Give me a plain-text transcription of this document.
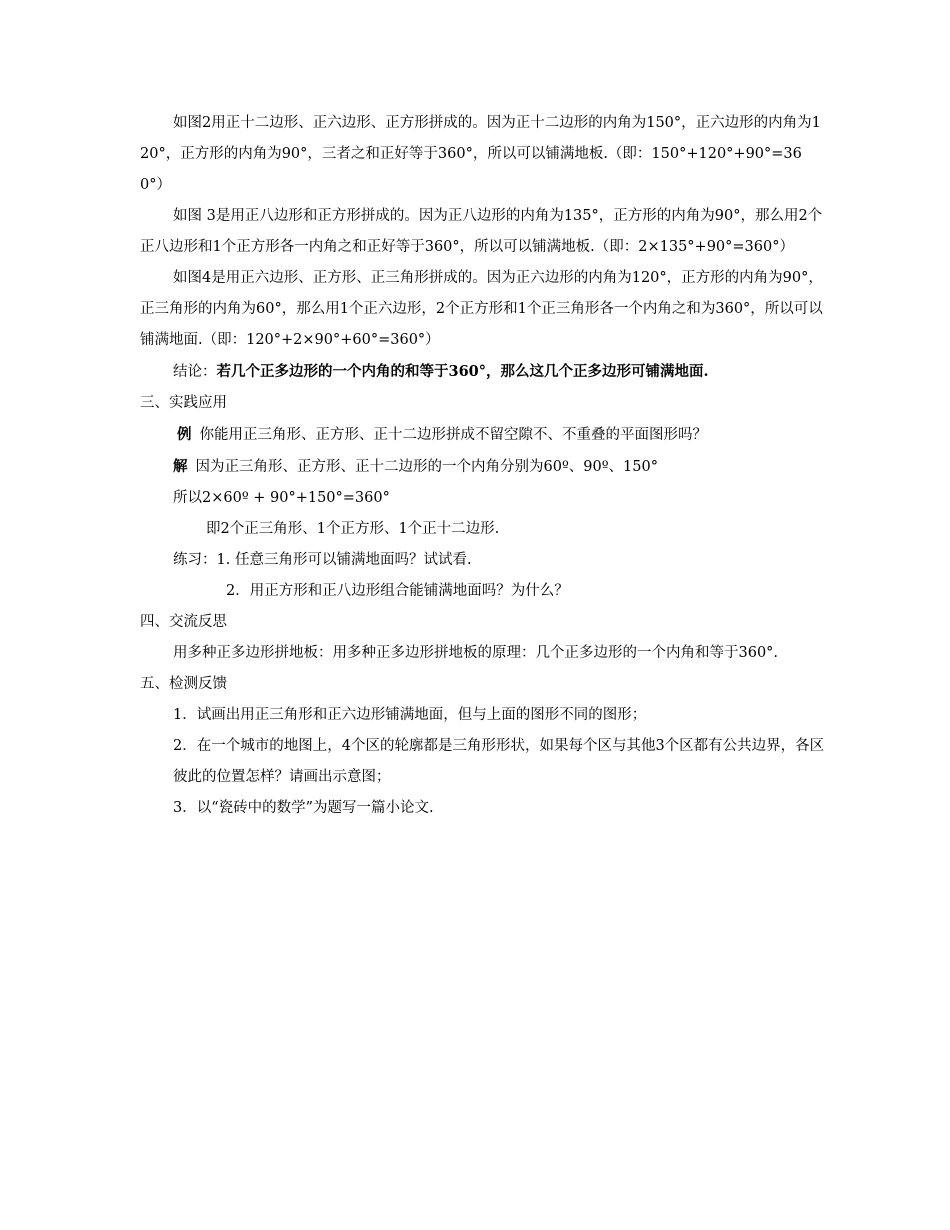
如图2用正十二边形、正六边形、正方形拼成的。因为正十二边形的内角为150°，正六边形的内角为120°，正方形的内角为90°，三者之和正好等于360°，所以可以铺满地板.（即：150°+120°+90°=360°）

如图 3是用正八边形和正方形拼成的。因为正八边形的内角为135°，正方形的内角为90°，那么用2个正八边形和1个正方形各一内角之和正好等于360°，所以可以铺满地板.（即：2×135°+90°=360°）

如图4是用正六边形、正方形、正三角形拼成的。因为正六边形的内角为120°，正方形的内角为90°，正三角形的内角为60°，那么用1个正六边形，2个正方形和1个正三角形各一个内角之和为360°，所以可以铺满地面.（即：120°+2×90°+60°=360°）

结论：若几个正多边形的一个内角的和等于360°，那么这几个正多边形可铺满地面.

三、实践应用

例 你能用正三角形、正方形、正十二边形拼成不留空隙不、不重叠的平面图形吗？

解 因为正三角形、正方形、正十二边形的一个内角分别为60º、90º、150°

所以2×60º + 90°+150°=360°

即2个正三角形、1个正方形、1个正十二边形.

练习：1. 任意三角形可以铺满地面吗？试试看.

2．用正方形和正八边形组合能铺满地面吗？为什么？

四、交流反思

用多种正多边形拼地板：用多种正多边形拼地板的原理：几个正多边形的一个内角和等于360°.

五、检测反馈

1．试画出用正三角形和正六边形铺满地面，但与上面的图形不同的图形；

2．在一个城市的地图上，4个区的轮廓都是三角形形状，如果每个区与其他3个区都有公共边界，各区彼此的位置怎样？请画出示意图；

3．以“瓷砖中的数学”为题写一篇小论文.
